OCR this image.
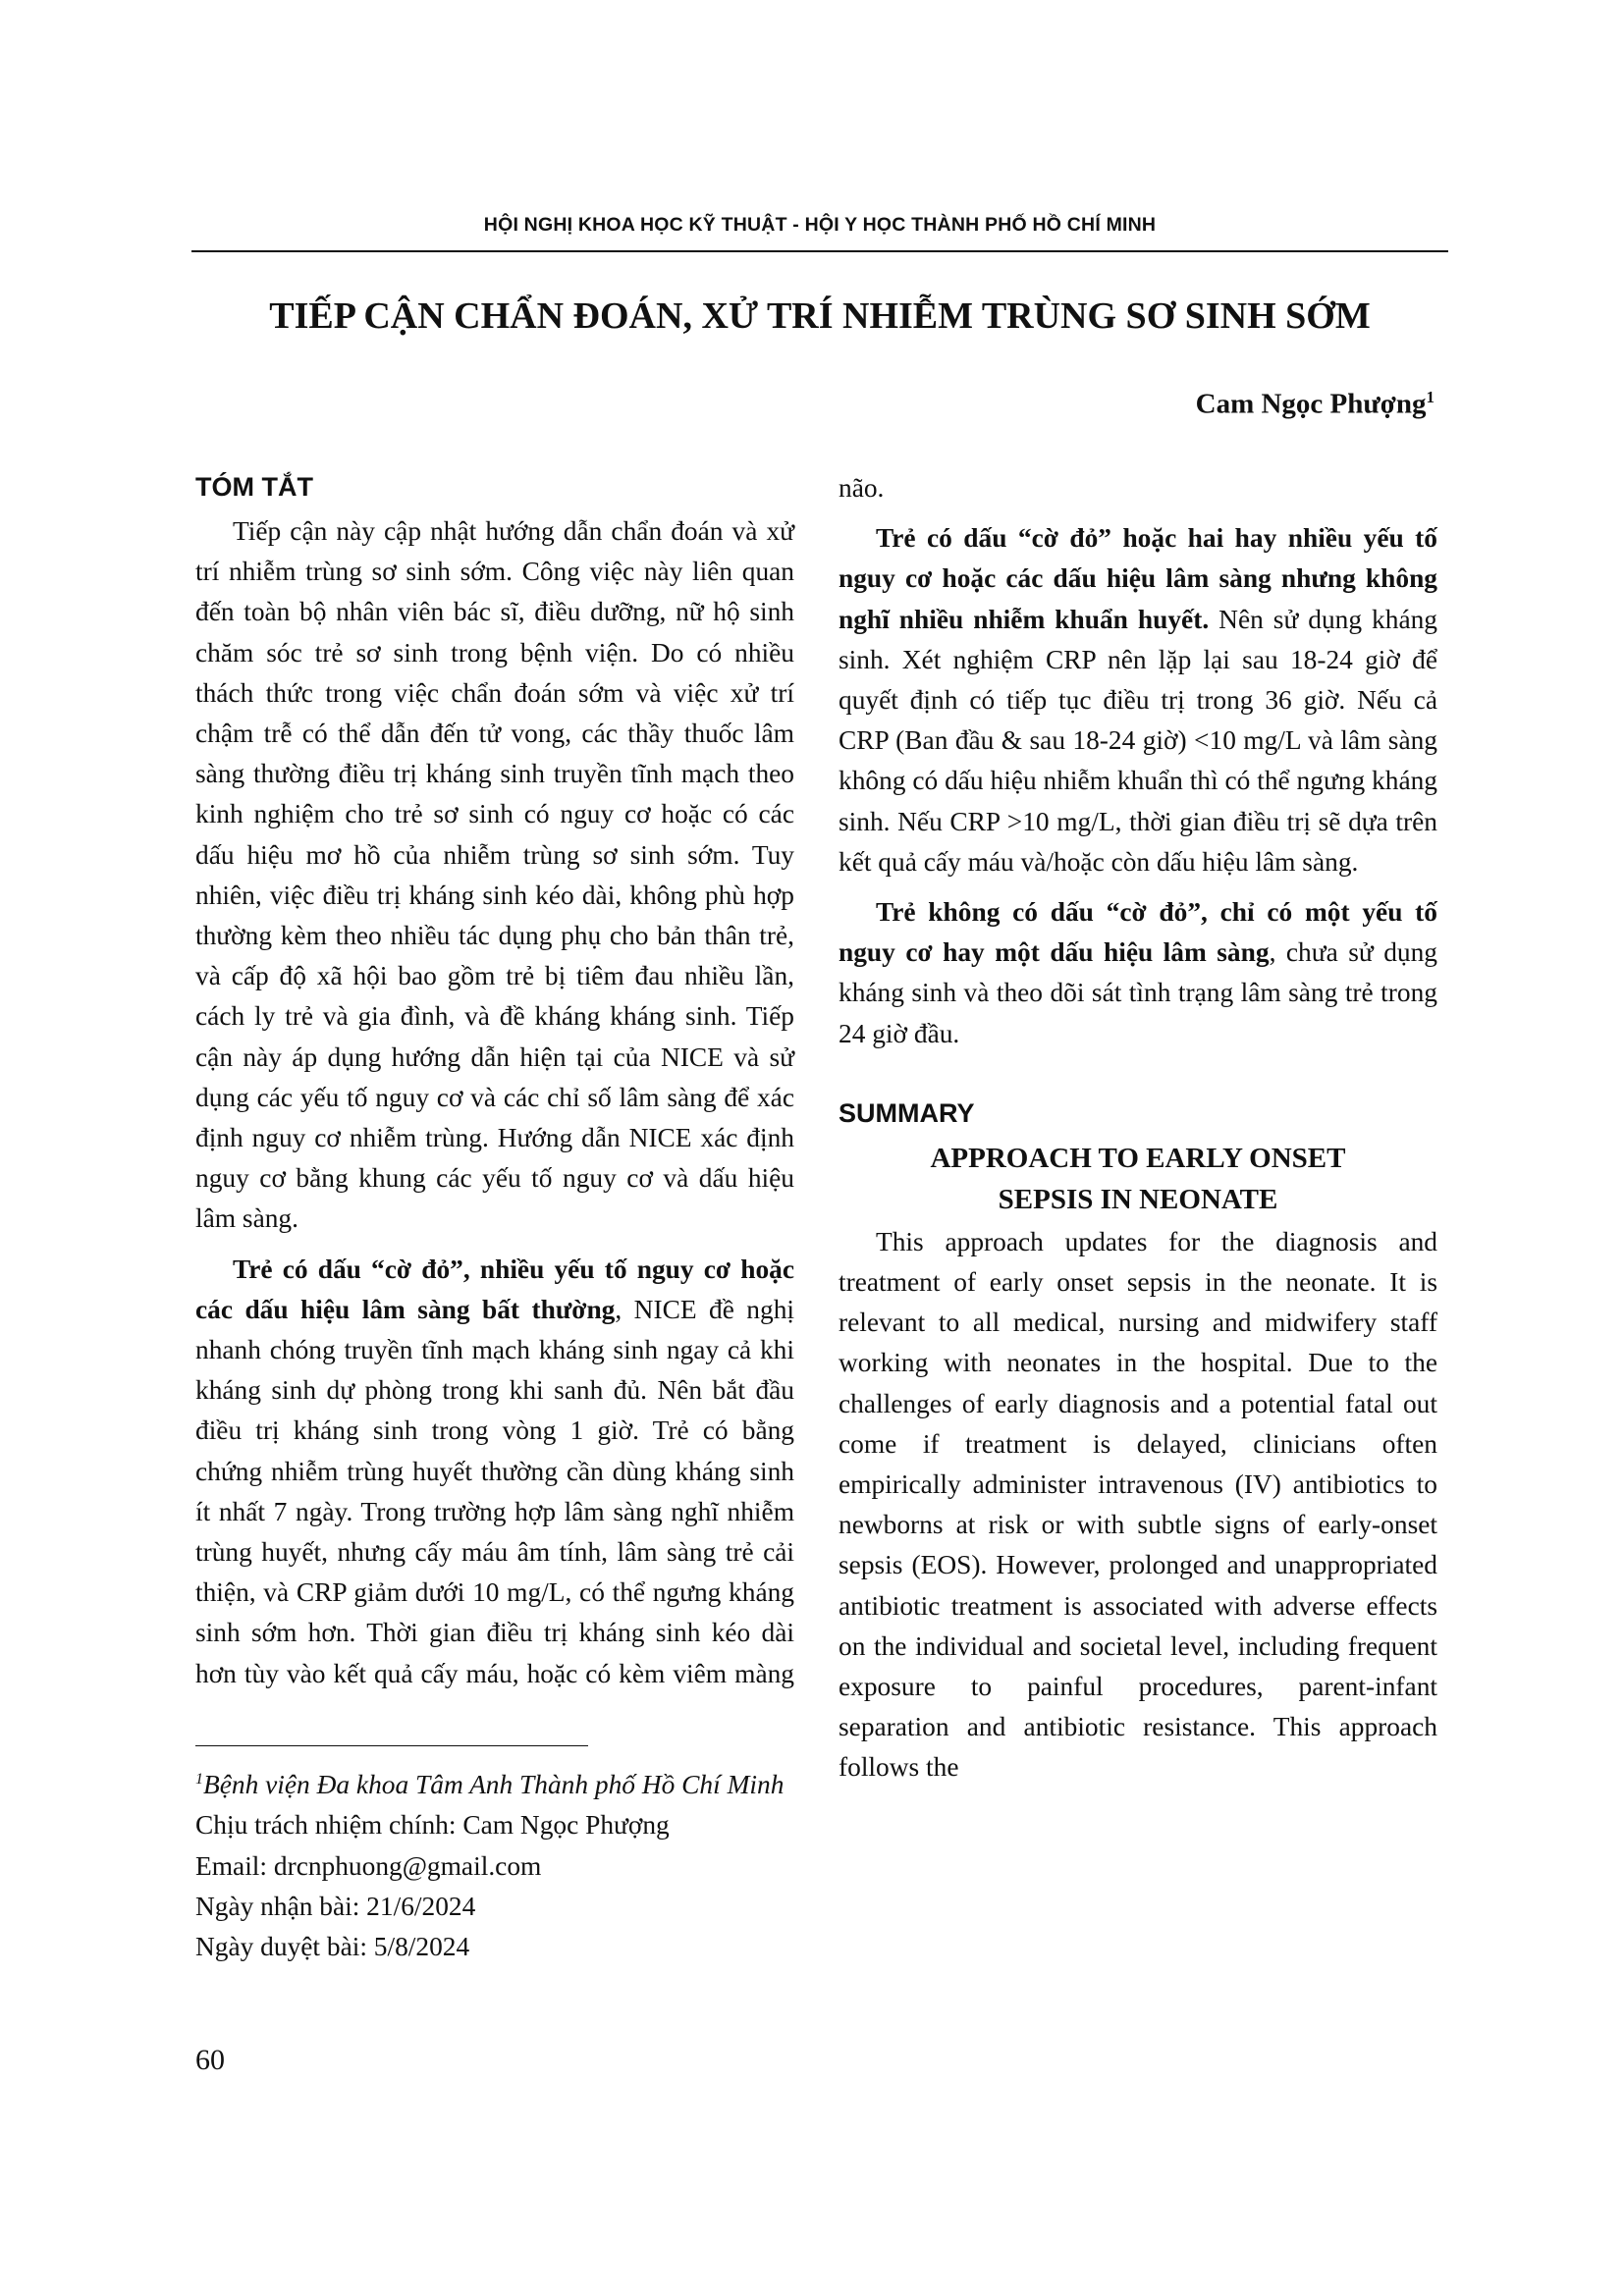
HỘI NGHỊ KHOA HỌC KỸ THUẬT - HỘI Y HỌC THÀNH PHỐ HỒ CHÍ MINH
TIẾP CẬN CHẨN ĐOÁN, XỬ TRÍ NHIỄM TRÙNG SƠ SINH SỚM
Cam Ngọc Phượng$^1$
TÓM TẮT

Tiếp cận này cập nhật hướng dẫn chẩn đoán và xử trí nhiễm trùng sơ sinh sớm. Công việc này liên quan đến toàn bộ nhân viên bác sĩ, điều dưỡng, nữ hộ sinh chăm sóc trẻ sơ sinh trong bệnh viện. Do có nhiều thách thức trong việc chẩn đoán sớm và việc xử trí chậm trễ có thể dẫn đến tử vong, các thầy thuốc lâm sàng thường điều trị kháng sinh truyền tĩnh mạch theo kinh nghiệm cho trẻ sơ sinh có nguy cơ hoặc có các dấu hiệu mơ hồ của nhiễm trùng sơ sinh sớm. Tuy nhiên, việc điều trị kháng sinh kéo dài, không phù hợp thường kèm theo nhiều tác dụng phụ cho bản thân trẻ, và cấp độ xã hội bao gồm trẻ bị tiêm đau nhiều lần, cách ly trẻ và gia đình, và đề kháng kháng sinh. Tiếp cận này áp dụng hướng dẫn hiện tại của NICE và sử dụng các yếu tố nguy cơ và các chỉ số lâm sàng để xác định nguy cơ nhiễm trùng. Hướng dẫn NICE xác định nguy cơ bằng khung các yếu tố nguy cơ và dấu hiệu lâm sàng.

Trẻ có dấu “cờ đỏ”, nhiều yếu tố nguy cơ hoặc các dấu hiệu lâm sàng bất thường, NICE đề nghị nhanh chóng truyền tĩnh mạch kháng sinh ngay cả khi kháng sinh dự phòng trong khi sanh đủ. Nên bắt đầu điều trị kháng sinh trong vòng 1 giờ. Trẻ có bằng chứng nhiễm trùng huyết thường cần dùng kháng sinh ít nhất 7 ngày. Trong trường hợp lâm sàng nghĩ nhiễm trùng huyết, nhưng cấy máu âm tính, lâm sàng trẻ cải thiện, và CRP giảm dưới 10 mg/L, có thể ngưng kháng sinh sớm hơn. Thời gian điều trị kháng sinh kéo dài hơn tùy vào kết quả cấy máu, hoặc có kèm viêm màng

não.

Trẻ có dấu “cờ đỏ” hoặc hai hay nhiều yếu tố nguy cơ hoặc các dấu hiệu lâm sàng nhưng không nghĩ nhiều nhiễm khuẩn huyết. Nên sử dụng kháng sinh. Xét nghiệm CRP nên lặp lại sau 18-24 giờ để quyết định có tiếp tục điều trị trong 36 giờ. Nếu cả CRP (Ban đầu & sau 18-24 giờ) <10 mg/L và lâm sàng không có dấu hiệu nhiễm khuẩn thì có thể ngưng kháng sinh. Nếu CRP >10 mg/L, thời gian điều trị sẽ dựa trên kết quả cấy máu và/hoặc còn dấu hiệu lâm sàng.

Trẻ không có dấu “cờ đỏ”, chỉ có một yếu tố nguy cơ hay một dấu hiệu lâm sàng, chưa sử dụng kháng sinh và theo dõi sát tình trạng lâm sàng trẻ trong 24 giờ đầu.

SUMMARY
APPROACH TO EARLY ONSET
SEPSIS IN NEONATE

This approach updates for the diagnosis and treatment of early onset sepsis in the neonate. It is relevant to all medical, nursing and midwifery staff working with neonates in the hospital. Due to the challenges of early diagnosis and a potential fatal out come if treatment is delayed, clinicians often empirically administer intravenous (IV) antibiotics to newborns at risk or with subtle signs of early-onset sepsis (EOS). However, prolonged and unappropriated antibiotic treatment is associated with adverse effects on the individual and societal level, including frequent exposure to painful procedures, parent-infant separation and antibiotic resistance. This approach follows the

$^1$Bệnh viện Đa khoa Tâm Anh Thành phố Hồ Chí Minh
Chịu trách nhiệm chính: Cam Ngọc Phượng
Email: drcnphuong@gmail.com
Ngày nhận bài: 21/6/2024
Ngày duyệt bài: 5/8/2024
60
